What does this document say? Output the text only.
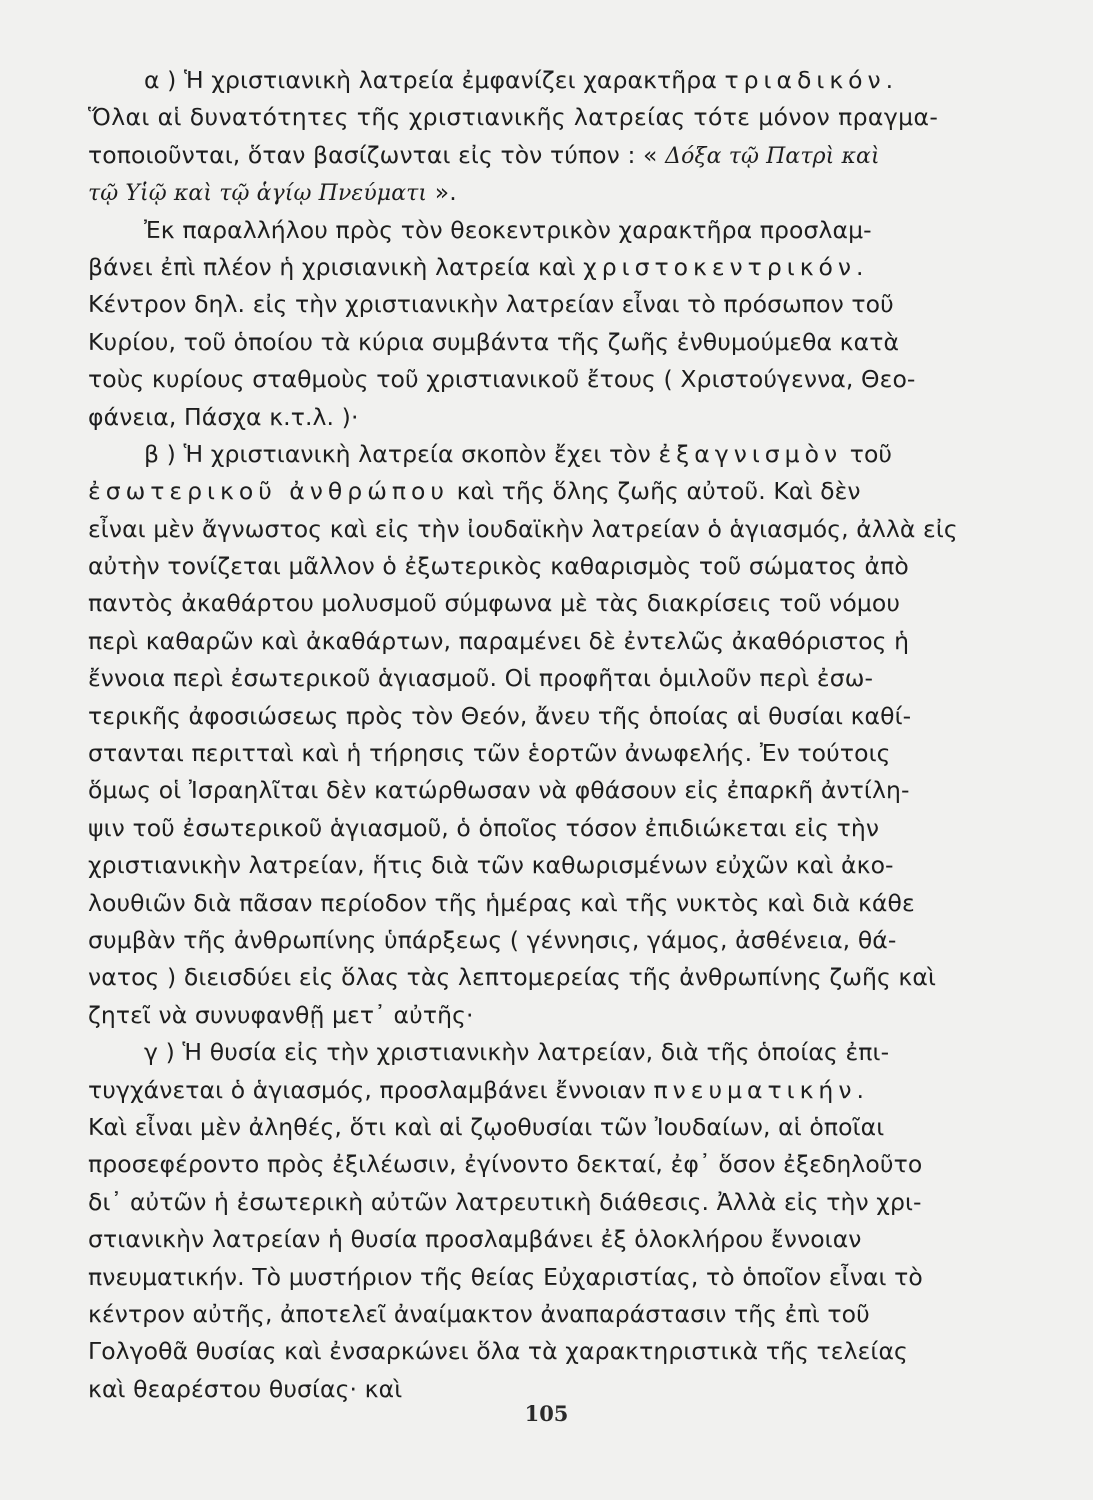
α ) Ἡ χριστιανικὴ λατρεία ἐμφανίζει χαρακτῆρα τριαδικόν.
Ὅλαι αἱ δυνατότητες τῆς χριστιανικῆς λατρείας τότε μόνον πραγμα-
τοποιοῦνται, ὅταν βασίζωνται εἰς τὸν τύπον : « Δόξα τῷ Πατρὶ καὶ
τῷ Υἱῷ καὶ τῷ ἁγίῳ Πνεύματι ».
Ἐκ παραλλήλου πρὸς τὸν θεοκεντρικὸν χαρακτῆρα προσλαμ-
βάνει ἐπὶ πλέον ἡ χρισιανικὴ λατρεία καὶ χριστοκεντρικόν.
Κέντρον δηλ. εἰς τὴν χριστιανικὴν λατρείαν εἶναι τὸ πρόσωπον τοῦ
Κυρίου, τοῦ ὁποίου τὰ κύρια συμβάντα τῆς ζωῆς ἐνθυμούμεθα κατὰ
τοὺς κυρίους σταθμοὺς τοῦ χριστιανικοῦ ἔτους ( Χριστούγεννα, Θεο-
φάνεια, Πάσχα κ.τ.λ. )·
β ) Ἡ χριστιανικὴ λατρεία σκοπὸν ἔχει τὸν ἐξαγνισμὸν τοῦ
ἐσωτερικοῦ ἀνθρώπου καὶ τῆς ὅλης ζωῆς αὐτοῦ. Καὶ δὲν
εἶναι μὲν ἄγνωστος καὶ εἰς τὴν ἰουδαϊκὴν λατρείαν ὁ ἁγιασμός, ἀλλὰ εἰς
αὐτὴν τονίζεται μᾶλλον ὁ ἐξωτερικὸς καθαρισμὸς τοῦ σώματος ἀπὸ
παντὸς ἀκαθάρτου μολυσμοῦ σύμφωνα μὲ τὰς διακρίσεις τοῦ νόμου
περὶ καθαρῶν καὶ ἀκαθάρτων, παραμένει δὲ ἐντελῶς ἀκαθόριστος ἡ
ἔννοια περὶ ἐσωτερικοῦ ἁγιασμοῦ. Οἱ προφῆται ὁμιλοῦν περὶ ἐσω-
τερικῆς ἀφοσιώσεως πρὸς τὸν Θεόν, ἄνευ τῆς ὁποίας αἱ θυσίαι καθί-
στανται περιτταὶ καὶ ἡ τήρησις τῶν ἑορτῶν ἀνωφελής. Ἐν τούτοις
ὅμως οἱ Ἰσραηλῖται δὲν κατώρθωσαν νὰ φθάσουν εἰς ἐπαρκῆ ἀντίλη-
ψιν τοῦ ἐσωτερικοῦ ἁγιασμοῦ, ὁ ὁποῖος τόσον ἐπιδιώκεται εἰς τὴν
χριστιανικὴν λατρείαν, ἥτις διὰ τῶν καθωρισμένων εὐχῶν καὶ ἀκο-
λουθιῶν διὰ πᾶσαν περίοδον τῆς ἡμέρας καὶ τῆς νυκτὸς καὶ διὰ κάθε
συμβὰν τῆς ἀνθρωπίνης ὑπάρξεως ( γέννησις, γάμος, ἀσθένεια, θά-
νατος ) διεισδύει εἰς ὅλας τὰς λεπτομερείας τῆς ἀνθρωπίνης ζωῆς καὶ
ζητεῖ νὰ συνυφανθῇ μετ᾽ αὐτῆς·
γ ) Ἡ θυσία εἰς τὴν χριστιανικὴν λατρείαν, διὰ τῆς ὁποίας ἐπι-
τυγχάνεται ὁ ἁγιασμός, προσλαμβάνει ἔννοιαν πνευματικήν.
Καὶ εἶναι μὲν ἀληθές, ὅτι καὶ αἱ ζῳοθυσίαι τῶν Ἰουδαίων, αἱ ὁποῖαι
προσεφέροντο πρὸς ἐξιλέωσιν, ἐγίνοντο δεκταί, ἐφ᾽ ὅσον ἐξεδηλοῦτο
δι᾽ αὐτῶν ἡ ἐσωτερικὴ αὐτῶν λατρευτικὴ διάθεσις. Ἀλλὰ εἰς τὴν χρι-
στιανικὴν λατρείαν ἡ θυσία προσλαμβάνει ἐξ ὁλοκλήρου ἔννοιαν
πνευματικήν. Τὸ μυστήριον τῆς θείας Εὐχαριστίας, τὸ ὁποῖον εἶναι τὸ
κέντρον αὐτῆς, ἀποτελεῖ ἀναίμακτον ἀναπαράστασιν τῆς ἐπὶ τοῦ
Γολγοθᾶ θυσίας καὶ ἐνσαρκώνει ὅλα τὰ χαρακτηριστικὰ τῆς τελείας
καὶ θεαρέστου θυσίας· καὶ
105
